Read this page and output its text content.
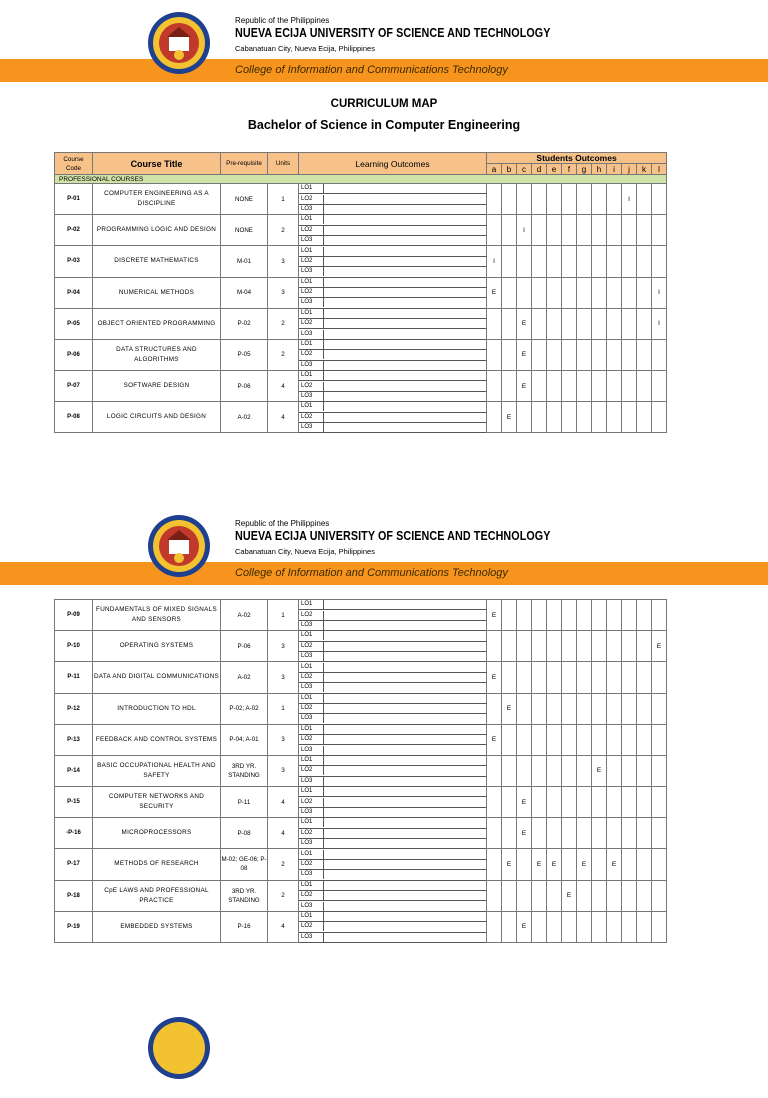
Republic of the Philippines
NUEVA ECIJA UNIVERSITY OF SCIENCE AND TECHNOLOGY
Cabanatuan City, Nueva Ecija, Philippines
College of Information and Communications Technology
CURRICULUM MAP
Bachelor of Science in Computer Engineering
Course Code	Course Title	Pre-requisite	Units	Learning Outcomes	Students Outcomes											
					a	b	c	d	e	f	g	h	i	j	k	l
PROFESSIONAL COURSES																
P-01	COMPUTER ENGINEERING AS A DISCIPLINE	NONE	1	LO1										I		

				LO2												

				LO3												

P-02	PROGRAMMING LOGIC AND DESIGN	NONE	2	LO1			I									

				LO2												

				LO3												

P-03	DISCRETE MATHEMATICS	M-01	3	LO1	I											

				LO2												

				LO3												

P-04	NUMERICAL METHODS	M-04	3	LO1	E											I

				LO2												

				LO3												

P-05	OBJECT ORIENTED PROGRAMMING	P-02	2	LO1			E									I

				LO2												

				LO3												

P-06	DATA STRUCTURES AND ALGORITHMS	P-05	2	LO1			E									

				LO2												

				LO3												

P-07	SOFTWARE DESIGN	P-06	4	LO1			E									

				LO2												

				LO3												

P-08	LOGIC CIRCUITS AND DESIGN	A-02	4	LO1		E										

				LO2												

				LO3												
Republic of the Philippines
NUEVA ECIJA UNIVERSITY OF SCIENCE AND TECHNOLOGY
Cabanatuan City, Nueva Ecija, Philippines
College of Information and Communications Technology
P-09	FUNDAMENTALS OF MIXED SIGNALS AND SENSORS	A-02	1	LO1	E											

				LO2												

				LO3												

P-10	OPERATING SYSTEMS	P-06	3	LO1												E

				LO2												

				LO3												

P-11	DATA AND DIGITAL COMMUNICATIONS	A-02	3	LO1	E											

				LO2												

				LO3												

P-12	INTRODUCTION TO HDL	P-02; A-02	1	LO1		E										

				LO2												

				LO3												

P-13	FEEDBACK AND CONTROL SYSTEMS	P-04; A-01	3	LO1	E											

				LO2												

				LO3												

P-14	BASIC OCCUPATIONAL HEALTH AND SAFETY	3RD YR. STANDING	3	LO1								E				

				LO2												

				LO3												

P-15	COMPUTER NETWORKS AND SECURITY	P-11	4	LO1			E									

				LO2												

				LO3												

-P-16	MICROPROCESSORS	P-08	4	LO1			E									

				LO2												

				LO3												

P-17	METHODS OF RESEARCH	M-02; GE-06; P-08	2	LO1		E		E	E		E		E			

				LO2												

				LO3												

P-18	CpE LAWS AND PROFESSIONAL PRACTICE	3RD YR. STANDING	2	LO1						E						

				LO2												

				LO3												

P-19	EMBEDDED SYSTEMS	P-16	4	LO1			E									

				LO2												

				LO3												
